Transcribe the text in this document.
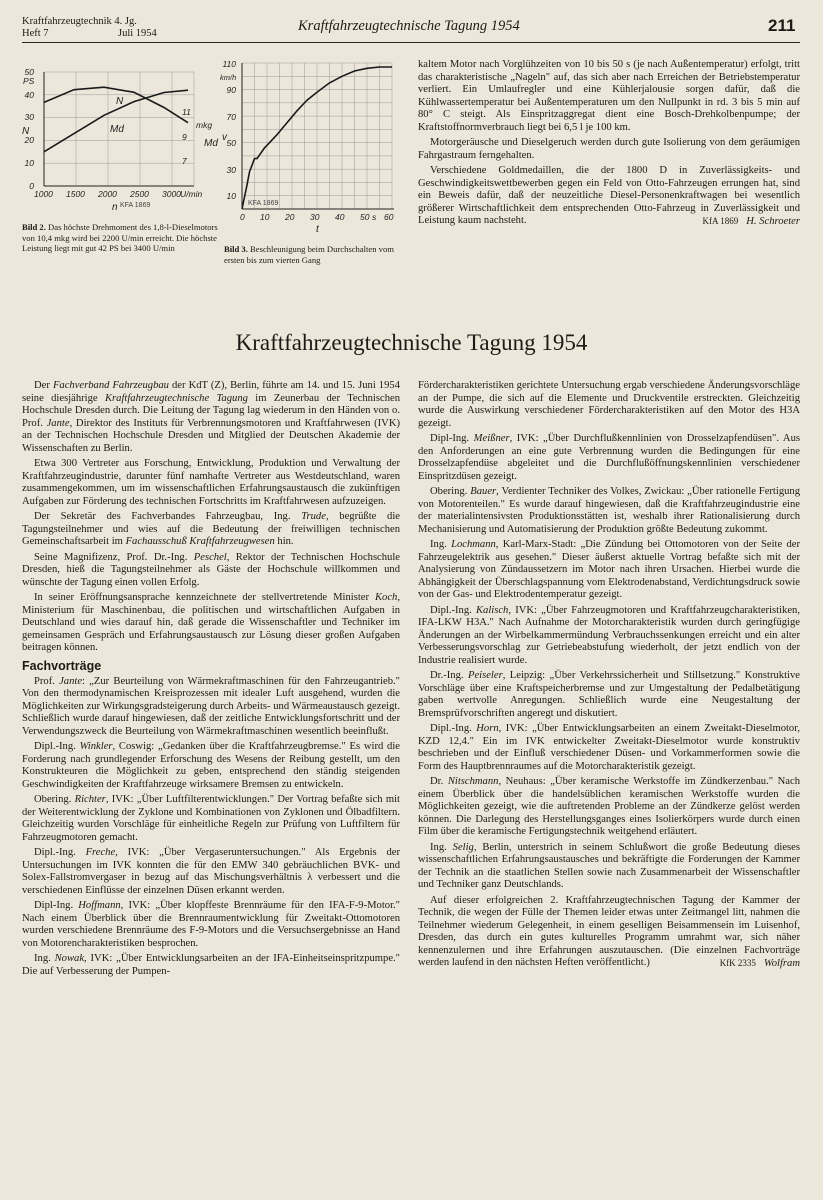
Kraftfahrzeugtechnik 4. Jg.
Heft 7	Juli 1954	Kraftfahrzeugtechnische Tagung 1954	211
50
40
30
20
10
0
PS
N
11
9
7
mkg
Md
1000 1500 2000 2500 3000 U/min
n
N
Md
KFA 1869
Bild 2. Das höchste Drehmoment des 1,8-l-Dieselmotors von 10,4 mkg wird bei 2200 U/min erreicht. Die höchste Leistung liegt mit gut 42 PS bei 3400 U/min
110
90
70
50
30
10
km/h
v
0 10 20 30 40 50 s 60
t
KFA 1869
Bild 3. Beschleunigung beim Durchschalten vom ersten bis zum vierten Gang

kaltem Motor nach Vorglühzeiten von 10 bis 50 s (je nach Außentemperatur) erfolgt, tritt das charakteristische „Nageln" auf, das sich aber nach Erreichen der Betriebstemperatur verliert. Ein Umlaufregler und eine Kühlerjalousie sorgen dafür, daß die Kühlwassertemperatur bei Außentemperaturen um den Nullpunkt in rd. 3 bis 5 min auf 80° C steigt. Als Einspritzaggregat dient eine Bosch-Drehkolbenpumpe; der Kraftstoffnormverbrauch liegt bei 6,5 l je 100 km.

Motorgeräusche und Dieselgeruch werden durch gute Isolierung von dem geräumigen Fahrgastraum ferngehalten.

Verschiedene Goldmedaillen, die der 1800 D in Zuverlässigkeits- und Geschwindigkeitswettbewerben gegen ein Feld von Otto-Fahrzeugen errungen hat, sind ein Beweis dafür, daß der neuzeitliche Diesel-Personenkraftwagen bei wesentlich größerer Wirtschaftlichkeit dem entsprechenden Otto-Fahrzeug in Zuverlässigkeit und Leistung kaum nachsteht.	KfA 1869 H. Schroeter

Kraftfahrzeugtechnische Tagung 1954

Der Fachverband Fahrzeugbau der KdT (Z), Berlin, führte am 14. und 15. Juni 1954 seine diesjährige Kraftfahrzeugtechnische Tagung im Zeunerbau der Technischen Hochschule Dresden durch. Die Leitung der Tagung lag wiederum in den Händen von o. Prof. Jante, Direktor des Instituts für Verbrennungsmotoren und Kraftfahrwesen (IVK) an der Technischen Hochschule Dresden und Mitglied der Deutschen Akademie der Wissenschaften zu Berlin.

Etwa 300 Vertreter aus Forschung, Entwicklung, Produktion und Verwaltung der Kraftfahrzeugindustrie, darunter fünf namhafte Vertreter aus Westdeutschland, waren zusammengekommen, um im wissenschaftlichen Erfahrungsaustausch die zukünftigen Aufgaben zur Förderung des technischen Fortschritts im Kraftfahrwesen aufzuzeigen.

Der Sekretär des Fachverbandes Fahrzeugbau, Ing. Trude, begrüßte die Tagungsteilnehmer und wies auf die Bedeutung der freiwilligen technischen Gemeinschaftsarbeit im Fachausschuß Kraftfahrzeugwesen hin.

Seine Magnifizenz, Prof. Dr.-Ing. Peschel, Rektor der Technischen Hochschule Dresden, hieß die Tagungsteilnehmer als Gäste der Hochschule willkommen und wünschte der Tagung einen vollen Erfolg.

In seiner Eröffnungsansprache kennzeichnete der stellvertretende Minister Koch, Ministerium für Maschinenbau, die politischen und wirtschaftlichen Aufgaben in Deutschland und wies darauf hin, daß gerade die Wissenschaftler und Techniker im gemeinsamen Gespräch und Erfahrungsaustausch zur Lösung dieser großen Aufgaben beitragen können.

Fachvorträge

Prof. Jante: „Zur Beurteilung von Wärmekraftmaschinen für den Fahrzeugantrieb." Von den thermodynamischen Kreisprozessen mit idealer Luft ausgehend, wurden die Möglichkeiten zur Wirkungsgradsteigerung durch Arbeits- und Wärmeaustausch gezeigt. Schließlich wurde darauf hingewiesen, daß der zeitliche Entwicklungsfortschritt und der Verwendungszweck die Beurteilung von Wärmekraftmaschinen wesentlich beeinflußt.

Dipl.-Ing. Winkler, Coswig: „Gedanken über die Kraftfahrzeugbremse." Es wird die Forderung nach grundlegender Erforschung des Wesens der Reibung gestellt, um den Konstrukteuren die Möglichkeit zu geben, entsprechend den ständig steigenden Geschwindigkeiten der Kraftfahrzeuge wirksamere Bremsen zu entwickeln.

Obering. Richter, IVK: „Über Luftfilterentwicklungen." Der Vortrag befaßte sich mit der Weiterentwicklung der Zyklone und Kombinationen von Zyklonen und Ölbadfiltern. Gleichzeitig wurden Vorschläge für einheitliche Regeln zur Prüfung von Luftfiltern für Fahrzeugmotoren gemacht.

Dipl.-Ing. Freche, IVK: „Über Vergaseruntersuchungen." Als Ergebnis der Untersuchungen im IVK konnten die für den EMW 340 gebräuchlichen BVK- und Solex-Fallstromvergaser in bezug auf das Mischungsverhältnis λ verbessert und die verschiedenen Einflüsse der einzelnen Düsen erkannt werden.

Dipl-Ing. Hoffmann, IVK: „Über klopffeste Brennräume für den IFA-F-9-Motor." Nach einem Überblick über die Brennraumentwicklung für Zweitakt-Ottomotoren wurden verschiedene Brennräume des F-9-Motors und die Versuchsergebnisse an Hand von Motorencharakteristiken besprochen.

Ing. Nowak, IVK: „Über Entwicklungsarbeiten an der IFA-Einheitseinspritzpumpe." Die auf Verbesserung der Pumpen-

Fördercharakteristiken gerichtete Untersuchung ergab verschiedene Änderungsvorschläge an der Pumpe, die sich auf die Elemente und Druckventile erstreckten. Gleichzeitig wurde die Auswirkung verschiedener Fördercharakteristiken auf den Motor des H3A gezeigt.

Dipl-Ing. Meißner, IVK: „Über Durchflußkennlinien von Drosselzapfendüsen". Aus den Anforderungen an eine gute Verbrennung wurden die Bedingungen für eine Drosselzapfendüse abgeleitet und die Durchflußöffnungskennlinien verschiedener Einspritzdüsen gezeigt.

Obering. Bauer, Verdienter Techniker des Volkes, Zwickau: „Über rationelle Fertigung von Motorenteilen." Es wurde darauf hingewiesen, daß die Kraftfahrzeugindustrie eine der materialintensivsten Produktionsstätten ist, weshalb ihrer Rationalisierung durch Mechanisierung und Automatisierung der Produktion größte Bedeutung zukommt.

Ing. Lochmann, Karl-Marx-Stadt: „Die Zündung bei Ottomotoren von der Seite der Fahrzeugelektrik aus gesehen." Dieser äußerst aktuelle Vortrag befaßte sich mit der Analysierung von Zündaussetzern im Motor nach ihren Ursachen. Hierbei wurde die Abhängigkeit der Überschlagspannung vom Elektrodenabstand, Verdichtungsdruck sowie von der Gas- und Elektrodentemperatur gezeigt.

Dipl.-Ing. Kalisch, IVK: „Über Fahrzeugmotoren und Kraftfahrzeugcharakteristiken, IFA-LKW H3A." Nach Aufnahme der Motorcharakteristik wurden durch geringfügige Änderungen an der Wirbelkammermündung Verbrauchssenkungen erreicht und ein alter Verbesserungsvorschlag zur Getriebeabstufung wiederholt, der jetzt endlich von der Industrie realisiert wurde.

Dr.-Ing. Peiseler, Leipzig: „Über Verkehrssicherheit und Stillsetzung." Konstruktive Vorschläge über eine Kraftspeicherbremse und zur Umgestaltung der Pedalbetätigung gaben wertvolle Anregungen. Schließlich wurde eine Neugestaltung der Bremsprüfvorschriften angeregt und diskutiert.

Dipl.-Ing. Horn, IVK: „Über Entwicklungsarbeiten an einem Zweitakt-Dieselmotor, KZD 12,4." Ein im IVK entwickelter Zweitakt-Dieselmotor wurde konstruktiv beschrieben und der Einfluß verschiedener Düsen- und Vorkammerformen sowie die Form des Hauptbrennraumes auf die Motorcharakteristik gezeigt.

Dr. Nitschmann, Neuhaus: „Über keramische Werkstoffe im Zündkerzenbau." Nach einem Überblick über die handelsüblichen keramischen Werkstoffe wurden die Möglichkeiten gezeigt, wie die auftretenden Probleme an der Zündkerze gelöst werden können. Die Darlegung des Herstellungsganges eines Isolierkörpers wurde durch einen Film über die keramische Fertigungstechnik weitgehend erläutert.

Ing. Selig, Berlin, unterstrich in seinem Schlußwort die große Bedeutung dieses wissenschaftlichen Erfahrungsaustausches und bekräftigte die Forderungen der Kammer der Technik an die staatlichen Stellen sowie nach Zusammenarbeit der Wissenschaftler und Techniker ganz Deutschlands.

Auf dieser erfolgreichen 2. Kraftfahrzeugtechnischen Tagung der Kammer der Technik, die wegen der Fülle der Themen leider etwas unter Zeitmangel litt, nahmen die Teilnehmer wiederum Gelegenheit, in einem geselligen Beisammensein im Luisenhof, Dresden, das durch ein gutes kulturelles Programm umrahmt war, sich näher kennenzulernen und ihre Erfahrungen auszutauschen. (Die einzelnen Fachvorträge werden laufend in den nächsten Heften veröffentlicht.)	KfK 2335 Wolfram
